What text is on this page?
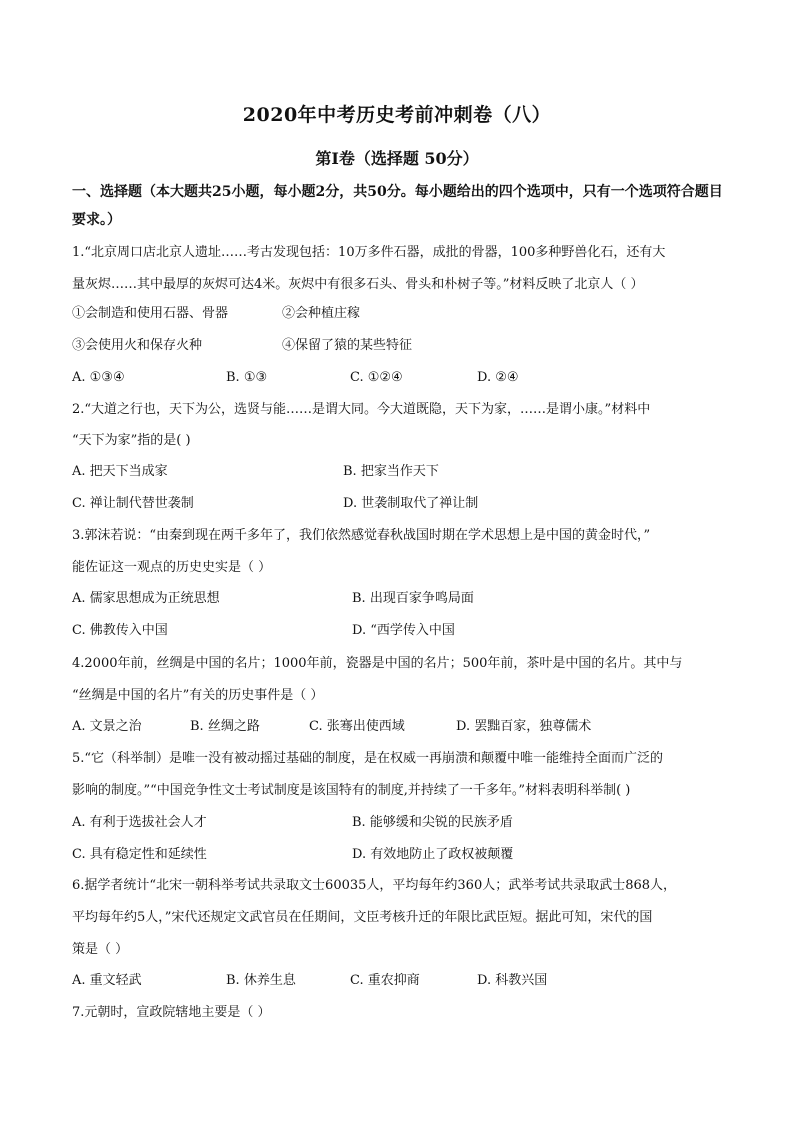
2020年中考历史考前冲刺卷（八）
第Ⅰ卷（选择题 50分）
一、选择题（本大题共25小题，每小题2分，共50分。每小题给出的四个选项中，只有一个选项符合题目要求。）
1.“北京周口店北京人遗址……考古发现包括：10万多件石器，成批的骨器，100多种野兽化石，还有大
量灰烬……其中最厚的灰烬可达4米。灰烬中有很多石头、骨头和朴树子等。”材料反映了北京人（ ）
①会制造和使用石器、骨器	②会种植庄稼
③会使用火和保存火种	④保留了猿的某些特征
A. ①③④	B. ①③	C. ①②④	D. ②④
2.“大道之行也，天下为公，选贤与能……是谓大同。今大道既隐，天下为家，……是谓小康。”材料中
“天下为家”指的是( )
A. 把天下当成家	B. 把家当作天下
C. 禅让制代替世袭制	D. 世袭制取代了禅让制
3.郭沫若说：“由秦到现在两千多年了，我们依然感觉春秋战国时期在学术思想上是中国的黄金时代，”
能佐证这一观点的历史史实是（ ）
A. 儒家思想成为正统思想	B. 出现百家争鸣局面
C. 佛教传入中国	D. “西学传入中国
4.2000年前，丝绸是中国的名片；1000年前，瓷器是中国的名片；500年前，茶叶是中国的名片。其中与
“丝绸是中国的名片”有关的历史事件是（ ）
A. 文景之治	B. 丝绸之路	C. 张骞出使西域	D. 罢黜百家，独尊儒术
5.“它（科举制）是唯一没有被动摇过基础的制度，是在权威一再崩溃和颠覆中唯一能维持全面而广泛的
影响的制度。”“中国竞争性文士考试制度是该国特有的制度,并持续了一千多年。”材料表明科举制( )
A. 有利于选拔社会人才	B. 能够缓和尖锐的民族矛盾
C. 具有稳定性和延续性	D. 有效地防止了政权被颠覆
6.据学者统计“北宋一朝科举考试共录取文士60035人，平均每年约360人；武举考试共录取武士868人，
平均每年约5人，”宋代还规定文武官员在任期间，文臣考核升迁的年限比武臣短。据此可知，宋代的国
策是（ ）
A. 重文轻武	B. 休养生息	C. 重农抑商	D. 科教兴国
7.元朝时，宣政院辖地主要是（ ）
